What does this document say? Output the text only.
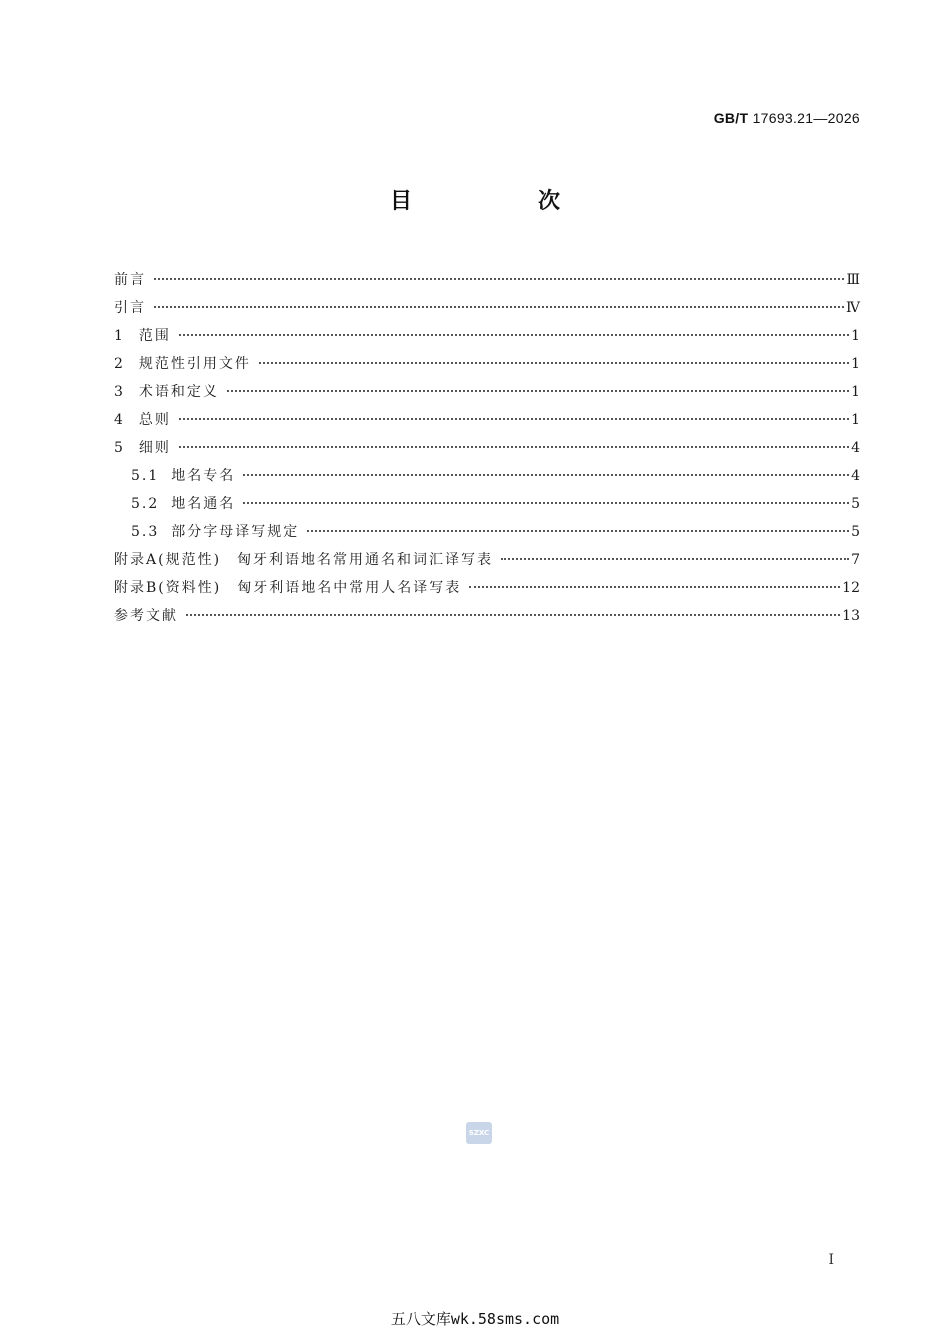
GB/T 17693.21—2026
目　次
前言	Ⅲ
引言	Ⅳ
1 范围	1
2 规范性引用文件	1
3 术语和定义	1
4 总则	1
5 细则	4
5.1 地名专名	4
5.2 地名通名	5
5.3 部分字母译写规定	5
附录A(规范性)　匈牙利语地名常用通名和词汇译写表	7
附录B(资料性)　匈牙利语地名中常用人名译写表	12
参考文献	13
SZXC
I
五八文库wk.58sms.com
